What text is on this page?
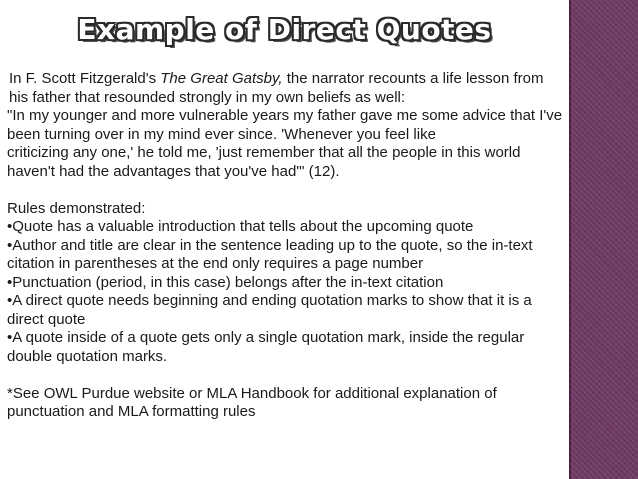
Example of Direct Quotes

In F. Scott Fitzgerald's The Great Gatsby, the narrator recounts a life lesson from his father that resounded strongly in my own beliefs as well:

"In my younger and more vulnerable years my father gave me some advice that I've been turning over in my mind ever since. 'Whenever you feel like

criticizing any one,' he told me, 'just remember that all the people in this world haven't had the advantages that you've had'" (12).

Rules demonstrated:

•Quote has a valuable introduction that tells about the upcoming quote

•Author and title are clear in the sentence leading up to the quote, so the in-text citation in parentheses at the end only requires a page number

•Punctuation (period, in this case) belongs after the in-text citation

•A direct quote needs beginning and ending quotation marks to show that it is a direct quote

•A quote inside of a quote gets only a single quotation mark, inside the regular double quotation marks.

*See OWL Purdue website or MLA Handbook for additional explanation of punctuation and MLA formatting rules
